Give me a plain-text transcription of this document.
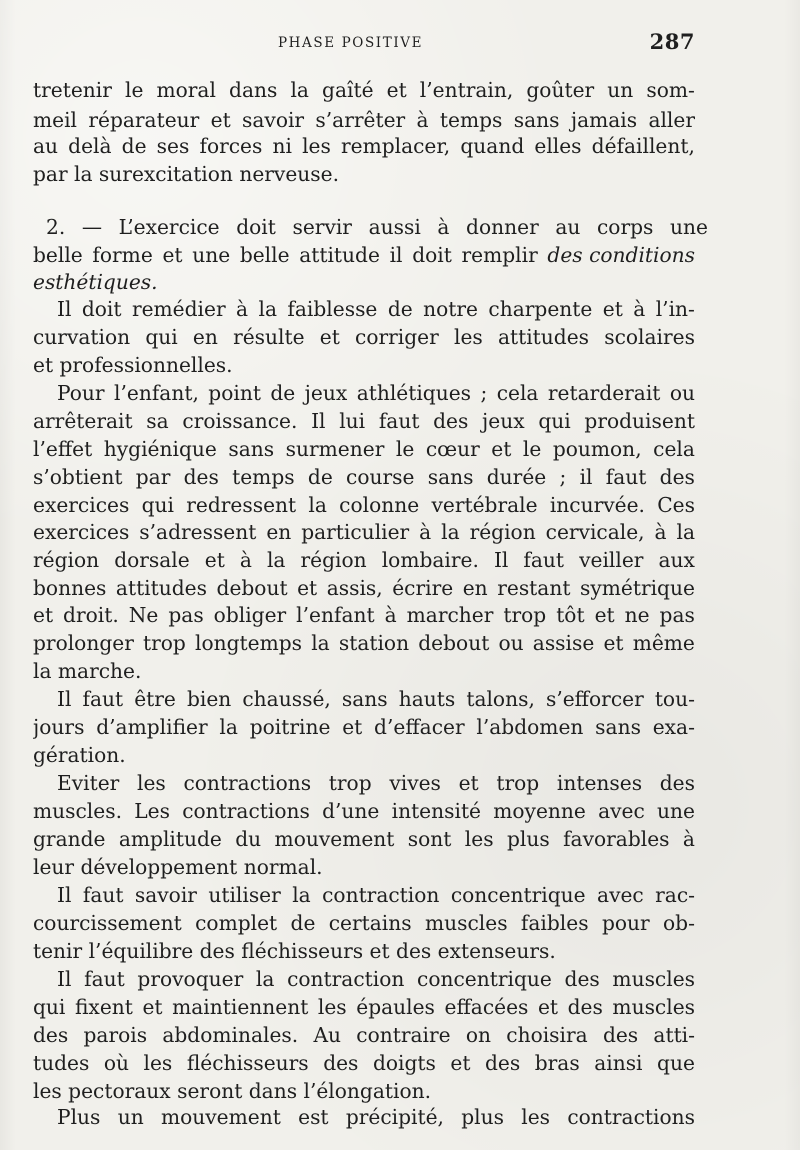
PHASE POSITIVE	287
tretenir le moral dans la gaîté et l’entrain, goûter un som-
meil réparateur et savoir s’arrêter à temps sans jamais aller
au delà de ses forces ni les remplacer, quand elles défaillent,
par la surexcitation nerveuse.
2. — L’exercice doit servir aussi à donner au corps une
belle forme et une belle attitude il doit remplir des conditions
esthétiques.
Il doit remédier à la faiblesse de notre charpente et à l’in-
curvation qui en résulte et corriger les attitudes scolaires
et professionnelles.
Pour l’enfant, point de jeux athlétiques ; cela retarderait ou
arrêterait sa croissance. Il lui faut des jeux qui produisent
l’effet hygiénique sans surmener le cœur et le poumon, cela
s’obtient par des temps de course sans durée ; il faut des
exercices qui redressent la colonne vertébrale incurvée. Ces
exercices s’adressent en particulier à la région cervicale, à la
région dorsale et à la région lombaire. Il faut veiller aux
bonnes attitudes debout et assis, écrire en restant symétrique
et droit. Ne pas obliger l’enfant à marcher trop tôt et ne pas
prolonger trop longtemps la station debout ou assise et même
la marche.
Il faut être bien chaussé, sans hauts talons, s’efforcer tou-
jours d’amplifier la poitrine et d’effacer l’abdomen sans exa-
gération.
Eviter les contractions trop vives et trop intenses des
muscles. Les contractions d’une intensité moyenne avec une
grande amplitude du mouvement sont les plus favorables à
leur développement normal.
Il faut savoir utiliser la contraction concentrique avec rac-
courcissement complet de certains muscles faibles pour ob-
tenir l’équilibre des fléchisseurs et des extenseurs.
Il faut provoquer la contraction concentrique des muscles
qui fixent et maintiennent les épaules effacées et des muscles
des parois abdominales. Au contraire on choisira des atti-
tudes où les fléchisseurs des doigts et des bras ainsi que
les pectoraux seront dans l’élongation.
Plus un mouvement est précipité, plus les contractions
